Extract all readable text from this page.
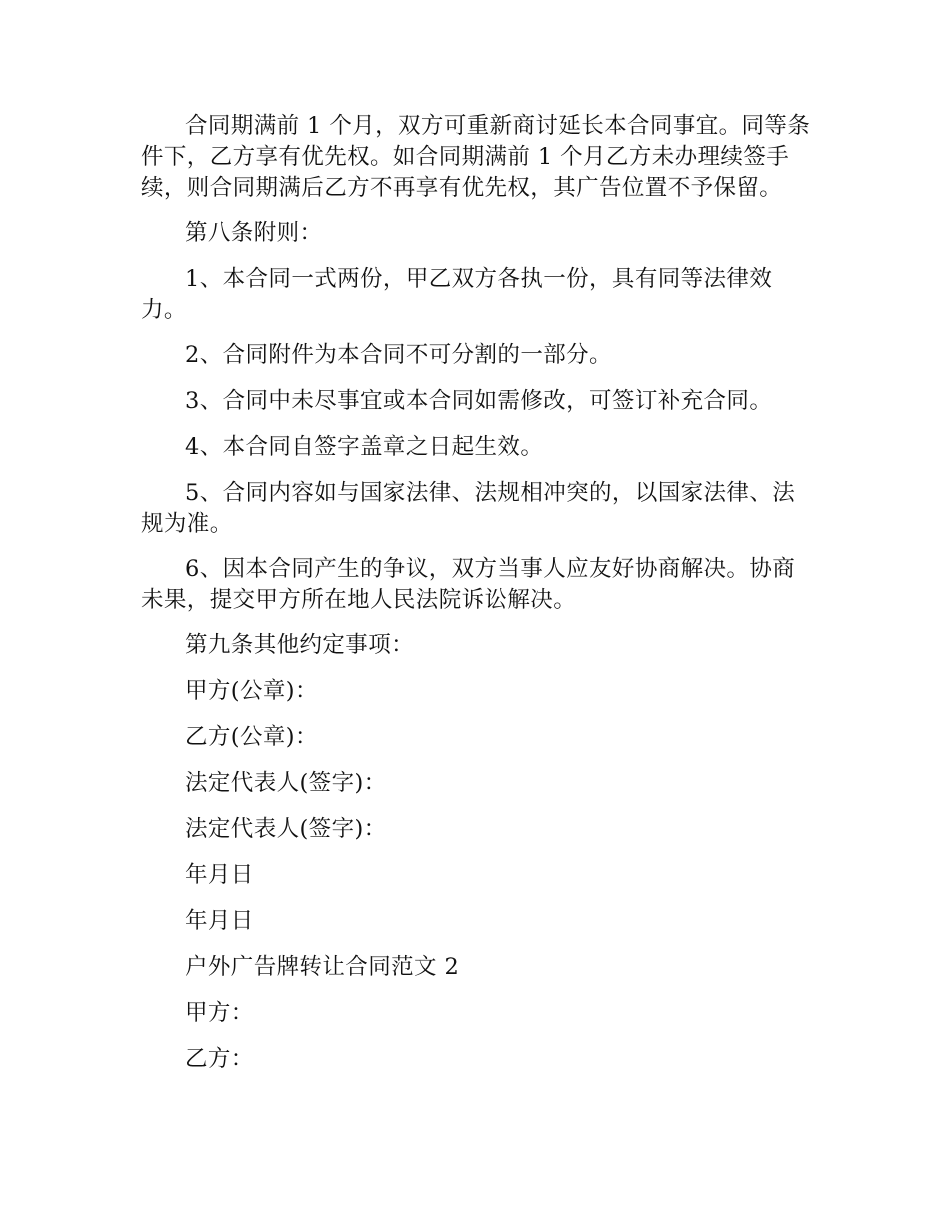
合同期满前 1 个月，双方可重新商讨延长本合同事宜。同等条件下，乙方享有优先权。如合同期满前 1 个月乙方未办理续签手续，则合同期满后乙方不再享有优先权，其广告位置不予保留。

第八条附则：

1、本合同一式两份，甲乙双方各执一份，具有同等法律效力。

2、合同附件为本合同不可分割的一部分。

3、合同中未尽事宜或本合同如需修改，可签订补充合同。

4、本合同自签字盖章之日起生效。

5、合同内容如与国家法律、法规相冲突的，以国家法律、法规为准。

6、因本合同产生的争议，双方当事人应友好协商解决。协商未果，提交甲方所在地人民法院诉讼解决。

第九条其他约定事项：

甲方(公章)：

乙方(公章)：

法定代表人(签字)：

法定代表人(签字)：

年月日

年月日

户外广告牌转让合同范文 2

甲方：

乙方：
